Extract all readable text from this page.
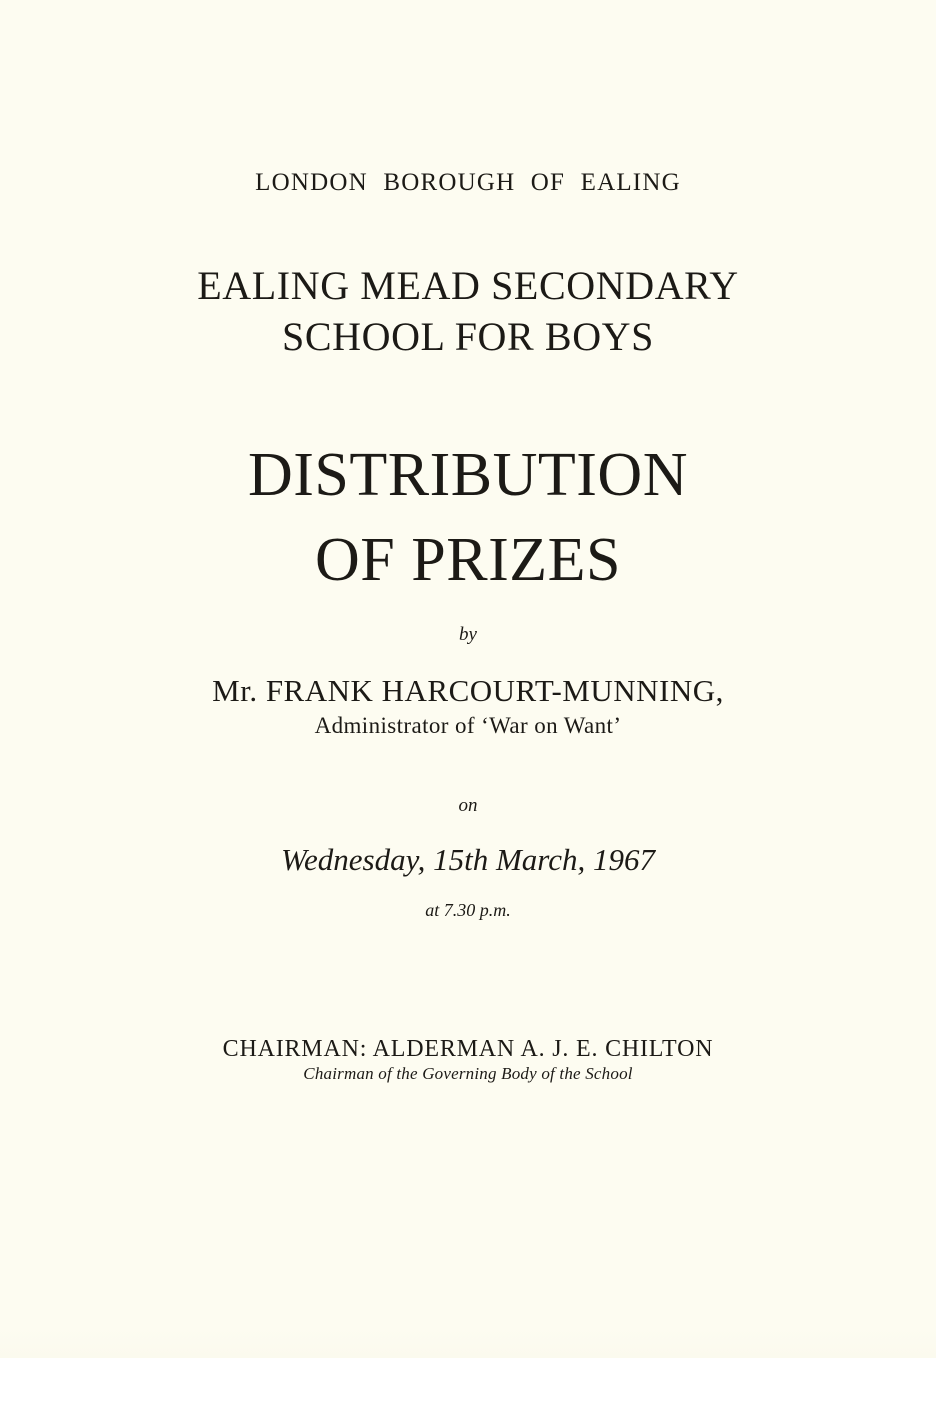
LONDON BOROUGH OF EALING
EALING MEAD SECONDARY
SCHOOL FOR BOYS
DISTRIBUTION
OF PRIZES
by
Mr. FRANK HARCOURT-MUNNING,
Administrator of ‘War on Want’
on
Wednesday, 15th March, 1967
at 7.30 p.m.
CHAIRMAN: ALDERMAN A. J. E. CHILTON
Chairman of the Governing Body of the School
